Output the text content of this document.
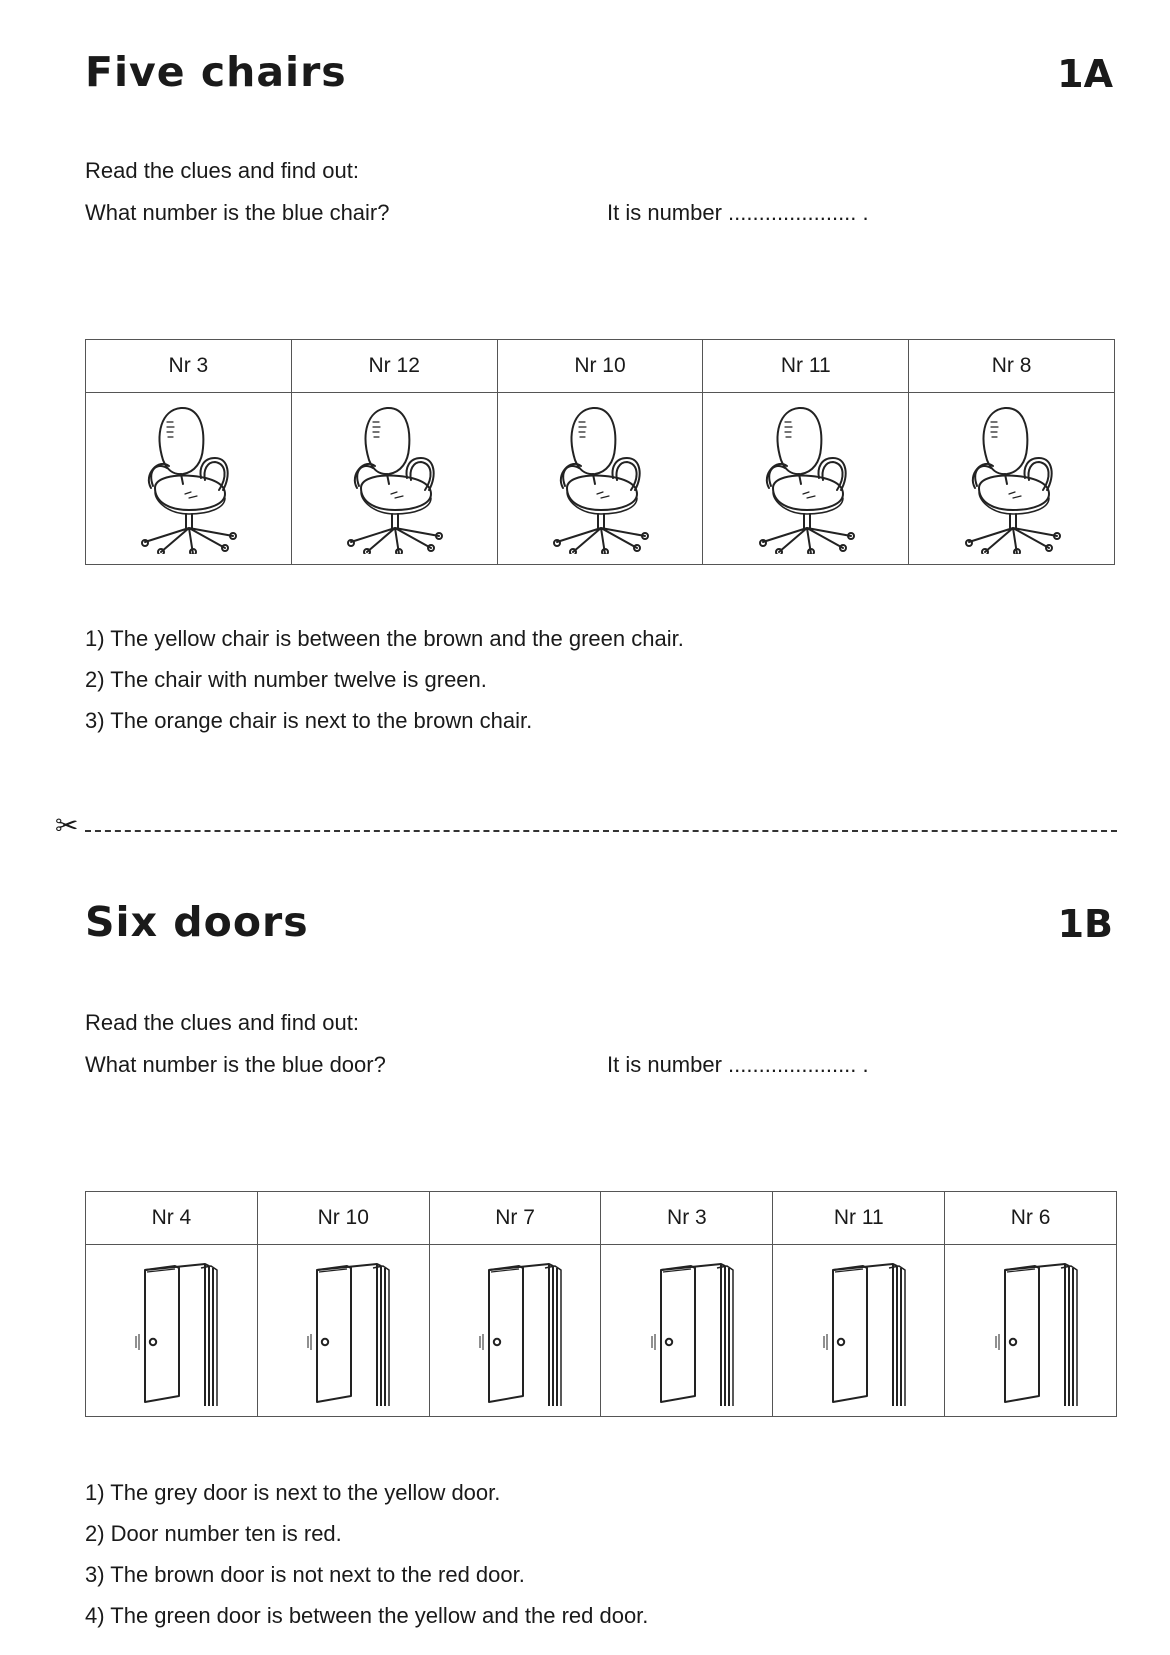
Five chairs	1A
Read the clues and find out:
What number is the blue chair?	It is number ..................... .
Nr 3	Nr 12	Nr 10	Nr 11	Nr 8

1) The yellow chair is between the brown and the green chair.
2) The chair with number twelve is green.
3) The orange chair is next to the brown chair.
✂
Six doors	1B
Read the clues and find out:
What number is the blue door?	It is number ..................... .
Nr 4	Nr 10	Nr 7	Nr 3	Nr 11	Nr 6

1) The grey door is next to the yellow door.
2) Door number ten is red.
3) The brown door is not next to the red door.
4) The green door is between the yellow and the red door.
